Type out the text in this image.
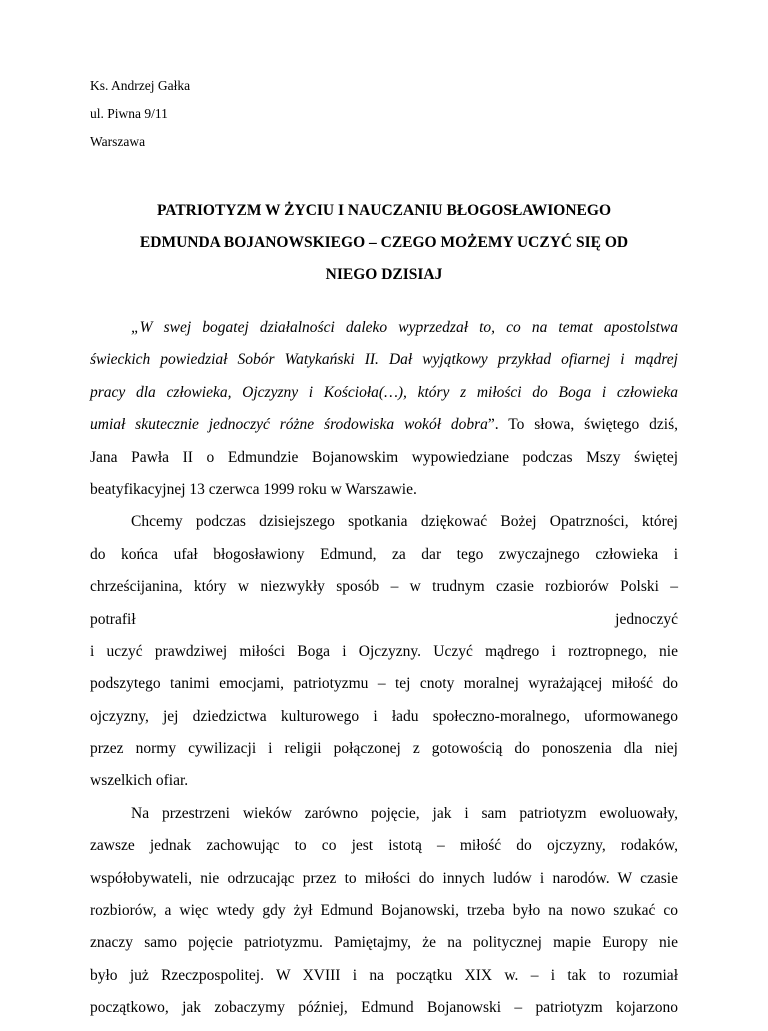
Ks. Andrzej Gałka
ul. Piwna 9/11
Warszawa
PATRIOTYZM W ŻYCIU I NAUCZANIU BŁOGOSŁAWIONEGO
EDMUNDA BOJANOWSKIEGO – CZEGO MOŻEMY UCZYĆ SIĘ OD
NIEGO DZISIAJ
„W swej bogatej działalności daleko wyprzedzał to, co na temat apostolstwa
świeckich powiedział Sobór Watykański II. Dał wyjątkowy przykład ofiarnej i mądrej
pracy dla człowieka, Ojczyzny i Kościoła(…), który z miłości do Boga i człowieka
umiał skutecznie jednoczyć różne środowiska wokół dobra”. To słowa, świętego dziś,
Jana Pawła II o Edmundzie Bojanowskim wypowiedziane podczas Mszy świętej
beatyfikacyjnej 13 czerwca 1999 roku w Warszawie.
Chcemy podczas dzisiejszego spotkania dziękować Bożej Opatrzności, której
do końca ufał błogosławiony Edmund, za dar tego zwyczajnego człowieka i
chrześcijanina, który w niezwykły sposób – w trudnym czasie rozbiorów Polski –
potrafił	jednoczyć
i uczyć prawdziwej miłości Boga i Ojczyzny. Uczyć mądrego i roztropnego, nie
podszytego tanimi emocjami, patriotyzmu – tej cnoty moralnej wyrażającej miłość do
ojczyzny, jej dziedzictwa kulturowego i ładu społeczno-moralnego, uformowanego
przez normy cywilizacji i religii połączonej z gotowością do ponoszenia dla niej
wszelkich ofiar.
Na przestrzeni wieków zarówno pojęcie, jak i sam patriotyzm ewoluowały,
zawsze jednak zachowując to co jest istotą – miłość do ojczyzny, rodaków,
współobywateli, nie odrzucając przez to miłości do innych ludów i narodów. W czasie
rozbiorów, a więc wtedy gdy żył Edmund Bojanowski, trzeba było na nowo szukać co
znaczy samo pojęcie patriotyzmu. Pamiętajmy, że na politycznej mapie Europy nie
było już Rzeczpospolitej. W XVIII i na początku XIX w. – i tak to rozumiał
początkowo, jak zobaczymy później, Edmund Bojanowski – patriotyzm kojarzono
